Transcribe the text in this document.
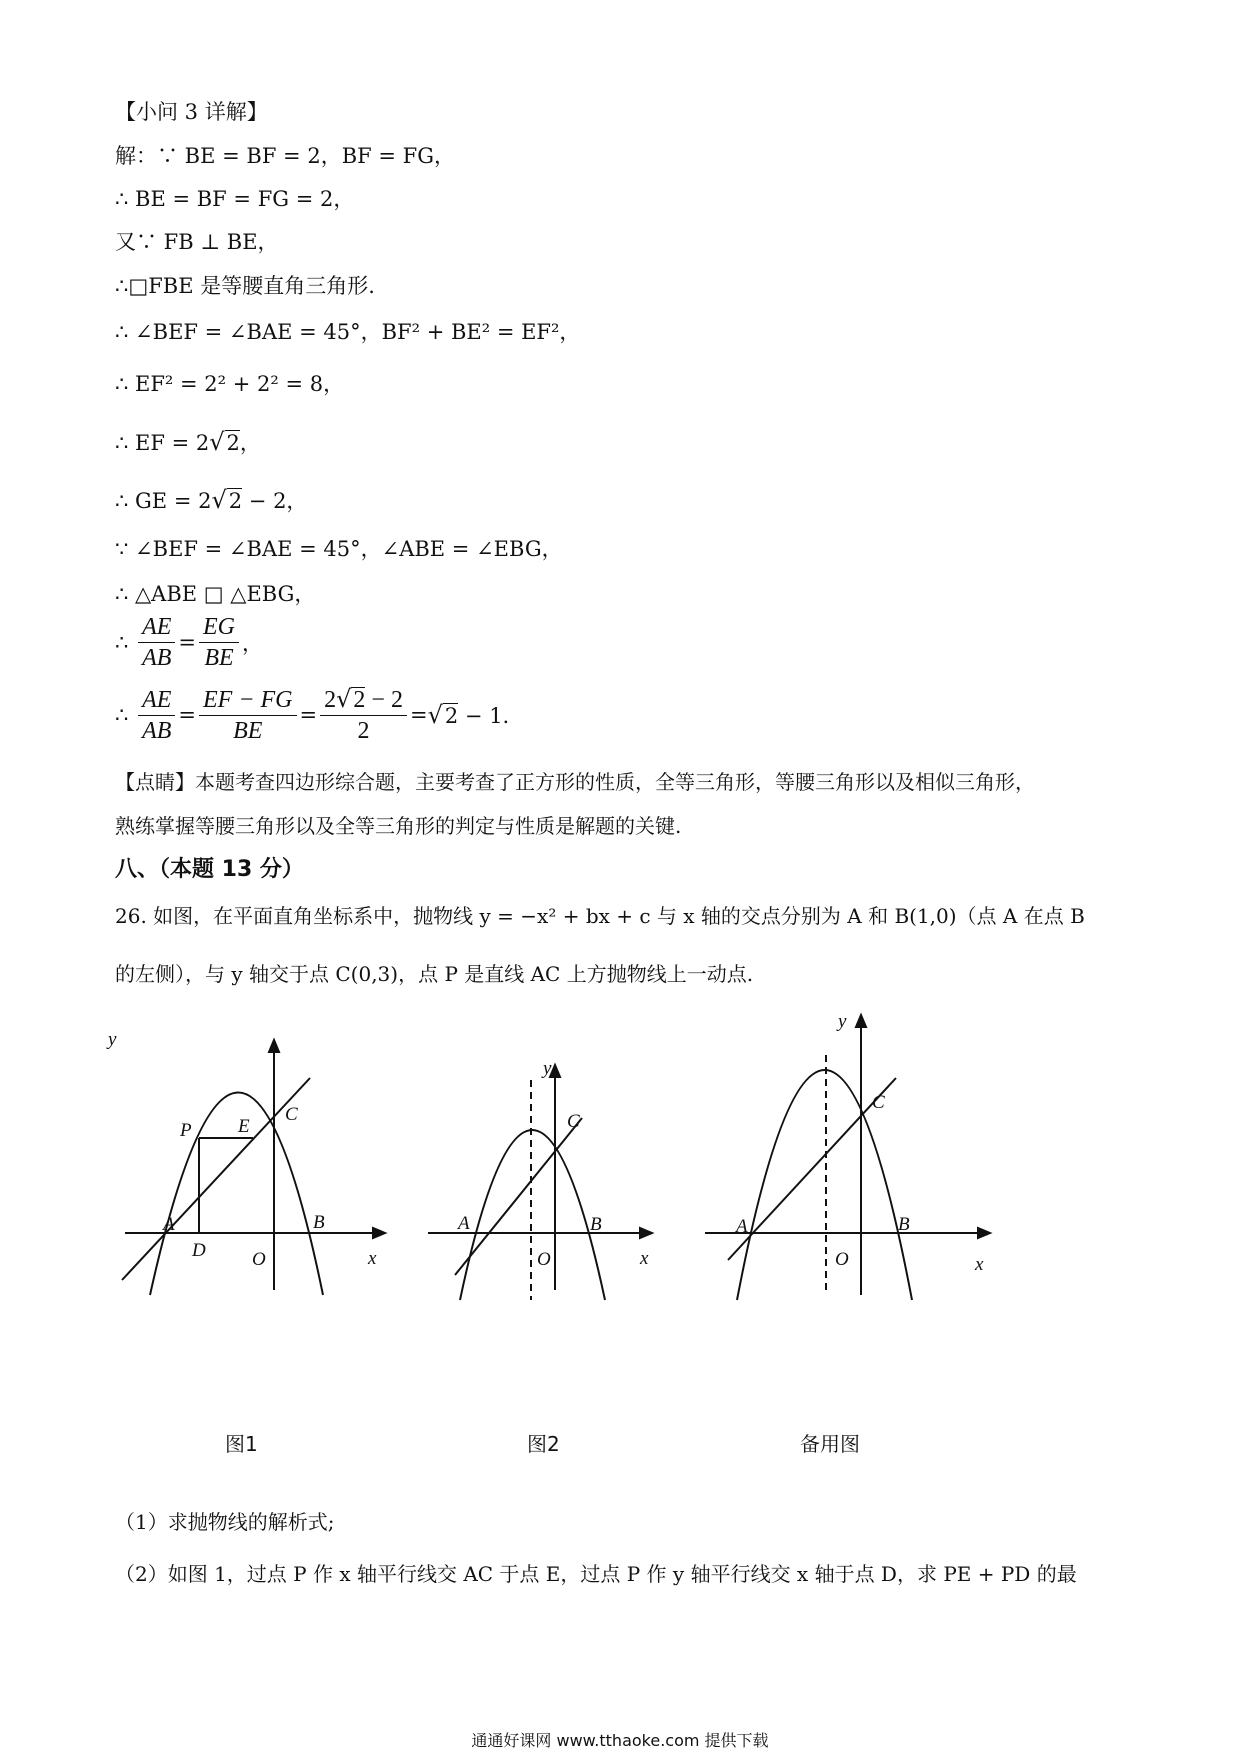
【小问 3 详解】
解：∵ BE = BF = 2，BF = FG，
∴ BE = BF = FG = 2，
又∵ FB ⊥ BE，
∴□FBE 是等腰直角三角形.
∴ ∠BEF = ∠BAE = 45°，BF² + BE² = EF²，
∴ EF² = 2² + 2² = 8，
∴ EF = 2√2，
∴ GE = 2√2 − 2，
∵ ∠BEF = ∠BAE = 45°，∠ABE = ∠EBG，
∴ △ABE □ △EBG，
∴ $\frac{AE}{AB} = \frac{EG}{BE}$ ，
∴ $\frac{AE}{AB} = \frac{EF - FG}{BE} = \frac{2√2 - 2}{2} =√2 - 1$.
【点睛】本题考查四边形综合题，主要考查了正方形的性质，全等三角形，等腰三角形以及相似三角形，
熟练掌握等腰三角形以及全等三角形的判定与性质是解题的关键.
八、（本题 13 分）
26. 如图，在平面直角坐标系中，抛物线 y = −x² + bx + c 与 x 轴的交点分别为 A 和 B(1,0)（点 A 在点 B
的左侧），与 y 轴交于点 C(0,3)，点 P 是直线 AC 上方抛物线上一动点.
y
x
O
A	B
C
P
D
E
y
x
O
A	B
C
y
x
O
A	B
C
图1	图2	备用图
（1）求抛物线的解析式;
（2）如图 1，过点 P 作 x 轴平行线交 AC 于点 E，过点 P 作 y 轴平行线交 x 轴于点 D，求 PE + PD 的最
通通好课网 www.tthaoke.com 提供下载
